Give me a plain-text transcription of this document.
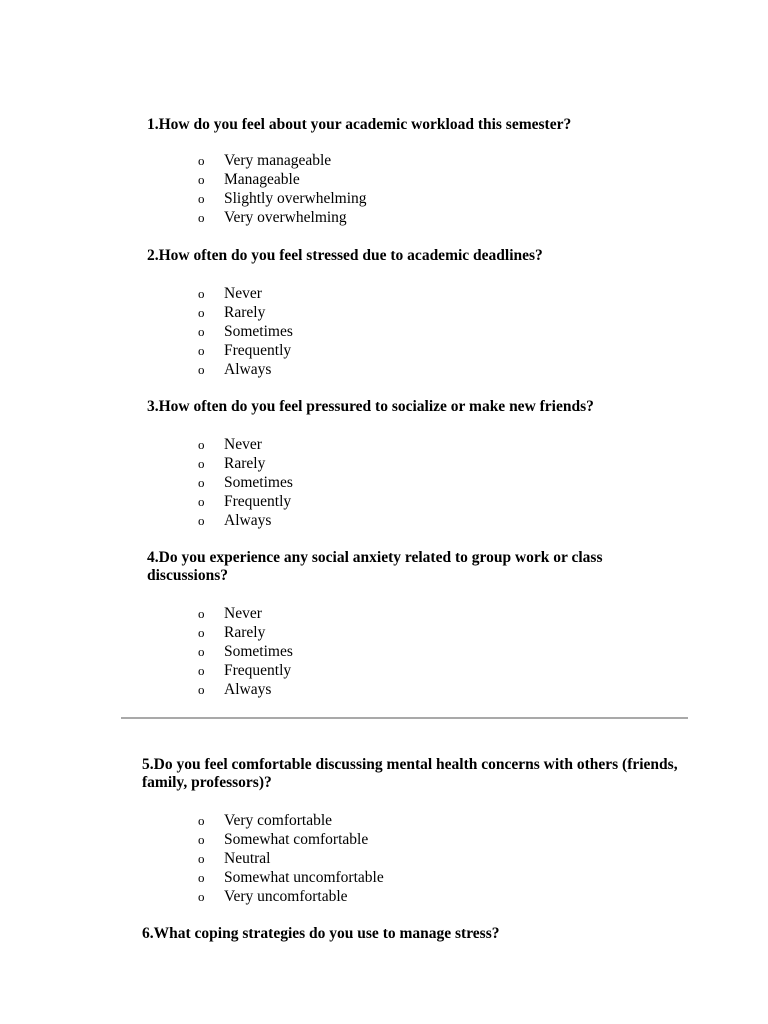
1.How do you feel about your academic workload this semester?

o Very manageable
o Manageable
o Slightly overwhelming
o Very overwhelming

2.How often do you feel stressed due to academic deadlines?

o Never
o Rarely
o Sometimes
o Frequently
o Always

3.How often do you feel pressured to socialize or make new friends?

o Never
o Rarely
o Sometimes
o Frequently
o Always

4.Do you experience any social anxiety related to group work or class discussions?

o Never
o Rarely
o Sometimes
o Frequently
o Always

5.Do you feel comfortable discussing mental health concerns with others (friends, family, professors)?

o Very comfortable
o Somewhat comfortable
o Neutral
o Somewhat uncomfortable
o Very uncomfortable

6.What coping strategies do you use to manage stress?
